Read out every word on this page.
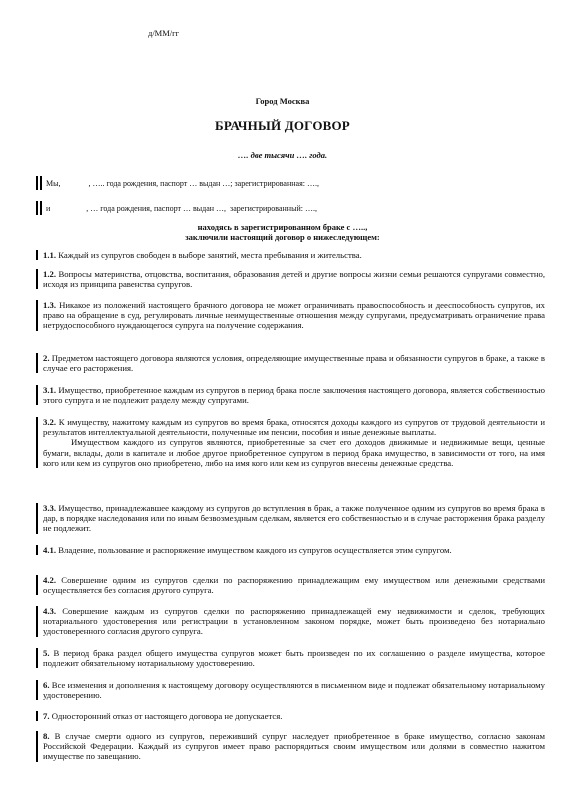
д/ММ/гг
Город Москва
БРАЧНЫЙ ДОГОВОР
…. две тысячи …. года.
Мы,	, ….. года рождения, паспорт … выдан …; зарегистрированная: ….,
и	, … года рождения, паспорт … выдан …,  зарегистрированный: ….,
находясь в зарегистрированном браке с …..,
заключили настоящий договор о нижеследующем:

1.1. Каждый из супругов свободен в выборе занятий, места пребывания и жительства.

1.2. Вопросы материнства, отцовства, воспитания, образования детей и другие вопросы жизни семьи решаются супругами совместно, исходя из принципа равенства супругов.

1.3. Никакое из положений настоящего брачного договора не может ограничивать правоспособность и дееспособность супругов, их право на обращение в суд, регулировать личные неимущественные отношения между супругами, предусматривать ограничение права нетрудоспособного нуждающегося супруга на получение содержания.

2. Предметом настоящего договора являются условия, определяющие имущественные права и обязанности супругов в браке, а также в случае его расторжения.

3.1. Имущество, приобретенное каждым из супругов в период брака после заключения настоящего договора, является собственностью этого супруга и не подлежит разделу между супругами.

3.2. К имуществу, нажитому каждым из супругов во время брака, относятся доходы каждого из супругов от трудовой деятельности и результатов интеллектуальной деятельности, полученные им пенсии, пособия и иные денежные выплаты.

Имуществом каждого из супругов являются, приобретенные за счет его доходов движимые и недвижимые вещи, ценные бумаги, вклады, доли в капитале и любое другое приобретенное супругом в период брака имущество, в зависимости от того, на имя кого или кем из супругов оно приобретено, либо на имя кого или кем из супругов внесены денежные средства.

3.3. Имущество, принадлежавшее каждому из супругов до вступления в брак, а также полученное одним из супругов во время брака в дар, в порядке наследования или по иным безвозмездным сделкам, является его собственностью и в случае расторжения брака разделу не подлежит.

4.1. Владение, пользование и распоряжение имуществом каждого из супругов осуществляется этим супругом.

4.2. Совершение одним из супругов сделки по распоряжению принадлежащим ему имуществом или денежными средствами осуществляется без согласия другого супруга.

4.3. Совершение каждым из супругов сделки по распоряжению принадлежащей ему недвижимости и сделок, требующих нотариального удостоверения или регистрации в установленном законом порядке, может быть произведено без нотариально удостоверенного согласия другого супруга.

5. В период брака раздел общего имущества супругов может быть произведен по их соглашению о разделе имущества, которое подлежит обязательному нотариальному удостоверению.

6. Все изменения и дополнения к настоящему договору осуществляются в письменном виде и подлежат обязательному нотариальному удостоверению.

7. Односторонний отказ от настоящего договора не допускается.

8. В случае смерти одного из супругов, переживший супруг наследует приобретенное в браке имущество, согласно законам Российской Федерации. Каждый из супругов имеет право распорядиться своим имуществом или долями в совместно нажитом имуществе по завещанию.
